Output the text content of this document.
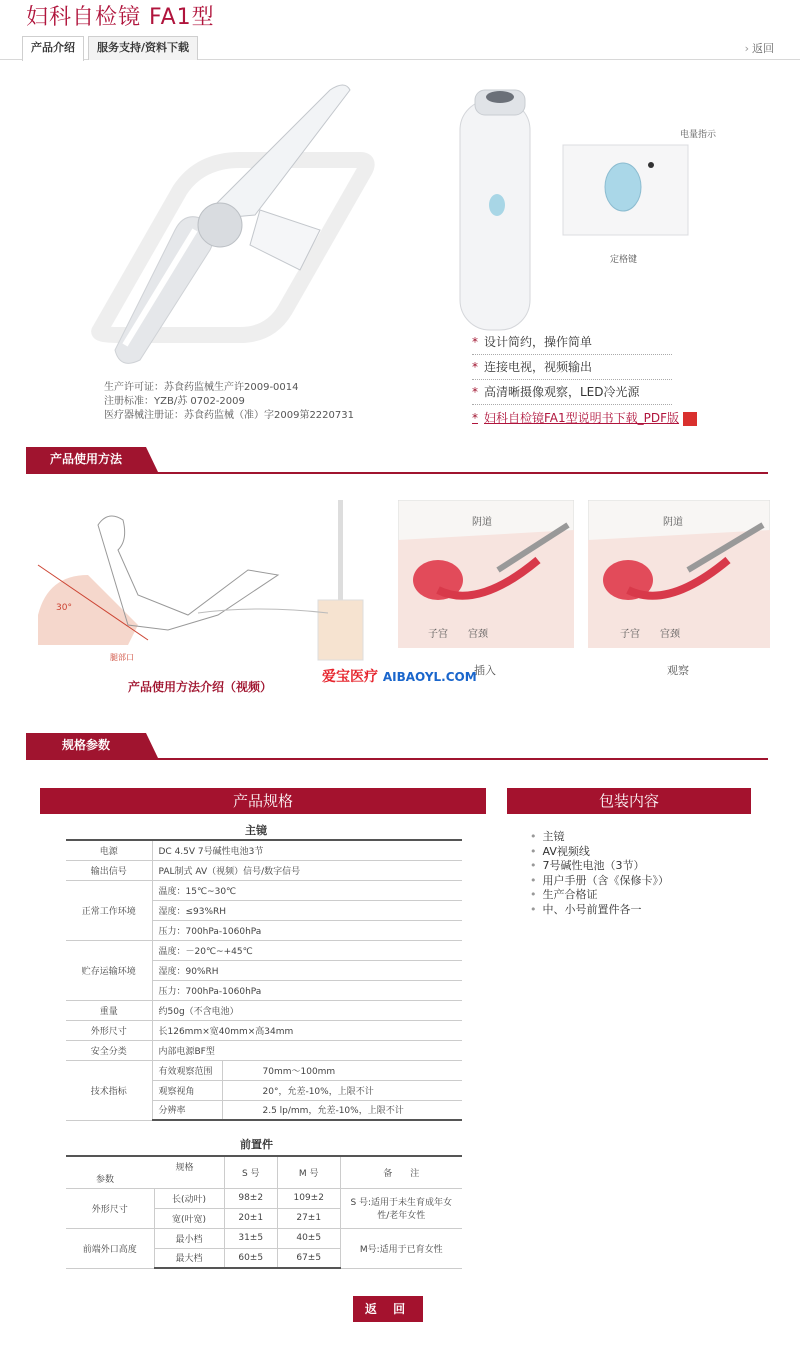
妇科自检镜 FA1型
产品介绍	服务支持/资料下载	› 返回
电量指示
定格键
生产许可证：苏食药监械生产许2009-0014
注册标准：YZB/苏 0702-2009
医疗器械注册证：苏食药监械（准）字2009第2220731
* 设计简约，操作简单
* 连接电视，视频输出
* 高清晰摄像观察，LED冷光源
* 妇科自检镜FA1型说明书下载_PDF版
产品使用方法
30°
腿部口
产品使用方法介绍（视频）
阴道
子宫 宫颈
阴道
子宫 宫颈
插入	观察
爱宝医疗 AIBAOYL.COM
规格参数
产品规格	包装内容
主镜
电源	DC 4.5V 7号碱性电池3节	
输出信号	PAL制式 AV（视频）信号/数字信号	
正常工作环境	温度：15℃~30℃	
	湿度：≤93%RH	
	压力：700hPa-1060hPa	
贮存运输环境	温度：－20℃~+45℃	
	湿度：90%RH	
	压力：700hPa-1060hPa	
重量	约50g（不含电池）	
外形尺寸	长126mm×宽40mm×高34mm	
安全分类	内部电源BF型	
技术指标	有效观察范围	70mm～100mm
	观察视角	20°，允差-10%，上限不计
	分辨率	2.5 lp/mm，允差-10%，上限不计
前置件
规格
参数		S 号	M 号	备　　注
外形尺寸	长(动叶)	98±2	109±2	S 号:适用于未生育成年女性/老年女性
	宽(叶宽)	20±1	27±1	
前端外口高度	最小档	31±5	40±5	M号:适用于已育女性
	最大档	60±5	67±5	
• 主镜
• AV视频线
• 7号碱性电池（3节）
• 用户手册（含《保修卡》）
• 生产合格证
• 中、小号前置件各一
返 回
